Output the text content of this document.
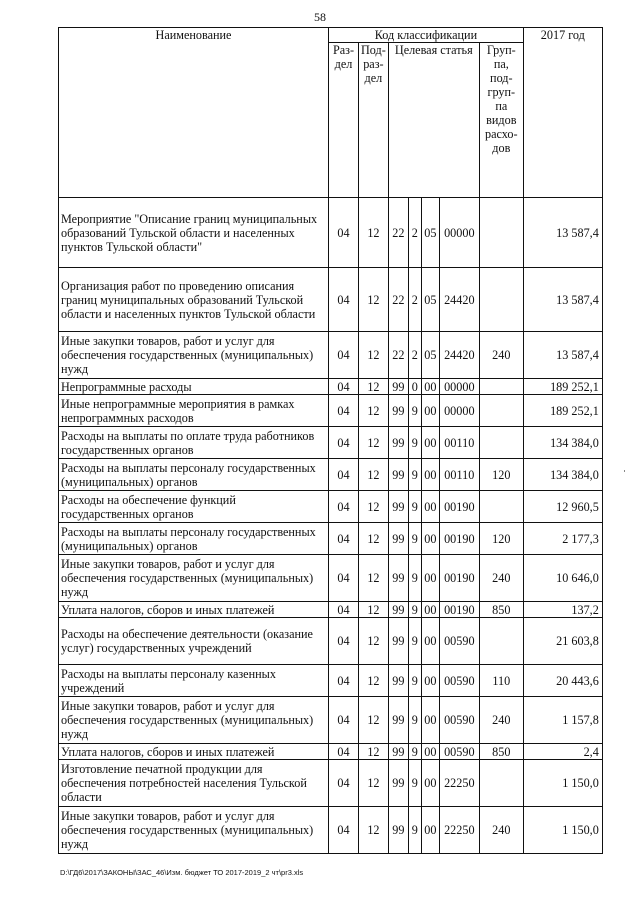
58
Наименование	Код классификации							2017 год
	Раз- дел	Под- раз- дел	Целевая статья				Груп- па, под- груп- па видов расхо- дов	
Мероприятие "Описание границ муниципальных образований Тульской области и населенных пунктов Тульской области"	04	12	22	2	05	00000		13 587,4
Организация работ по проведению описания границ муниципальных образований Тульской области и населенных пунктов Тульской области	04	12	22	2	05	24420		13 587,4
Иные закупки товаров, работ и услуг для обеспечения государственных (муниципальных) нужд	04	12	22	2	05	24420	240	13 587,4
Непрограммные расходы	04	12	99	0	00	00000		189 252,1
Иные непрограммные мероприятия в рамках непрограммных расходов	04	12	99	9	00	00000		189 252,1
Расходы на выплаты по оплате труда работников государственных органов	04	12	99	9	00	00110		134 384,0
Расходы на выплаты персоналу государственных (муниципальных) органов	04	12	99	9	00	00110	120	134 384,0
Расходы на обеспечение функций государственных органов	04	12	99	9	00	00190		12 960,5
Расходы на выплаты персоналу государственных (муниципальных) органов	04	12	99	9	00	00190	120	2 177,3
Иные закупки товаров, работ и услуг для обеспечения государственных (муниципальных) нужд	04	12	99	9	00	00190	240	10 646,0
Уплата налогов, сборов и иных платежей	04	12	99	9	00	00190	850	137,2
Расходы на обеспечение деятельности (оказание услуг) государственных учреждений	04	12	99	9	00	00590		21 603,8
Расходы на выплаты персоналу казенных учреждений	04	12	99	9	00	00590	110	20 443,6
Иные закупки товаров, работ и услуг для обеспечения государственных (муниципальных) нужд	04	12	99	9	00	00590	240	1 157,8
Уплата налогов, сборов и иных платежей	04	12	99	9	00	00590	850	2,4
Изготовление печатной продукции для обеспечения потребностей населения Тульской области	04	12	99	9	00	22250		1 150,0
Иные закупки товаров, работ и услуг для обеспечения государственных (муниципальных) нужд	04	12	99	9	00	22250	240	1 150,0
D:\ГД6\2017\ЗАКОНЫ\ЗАС_46\Изм. бюджет ТО 2017-2019_2 чт\pr3.xls
